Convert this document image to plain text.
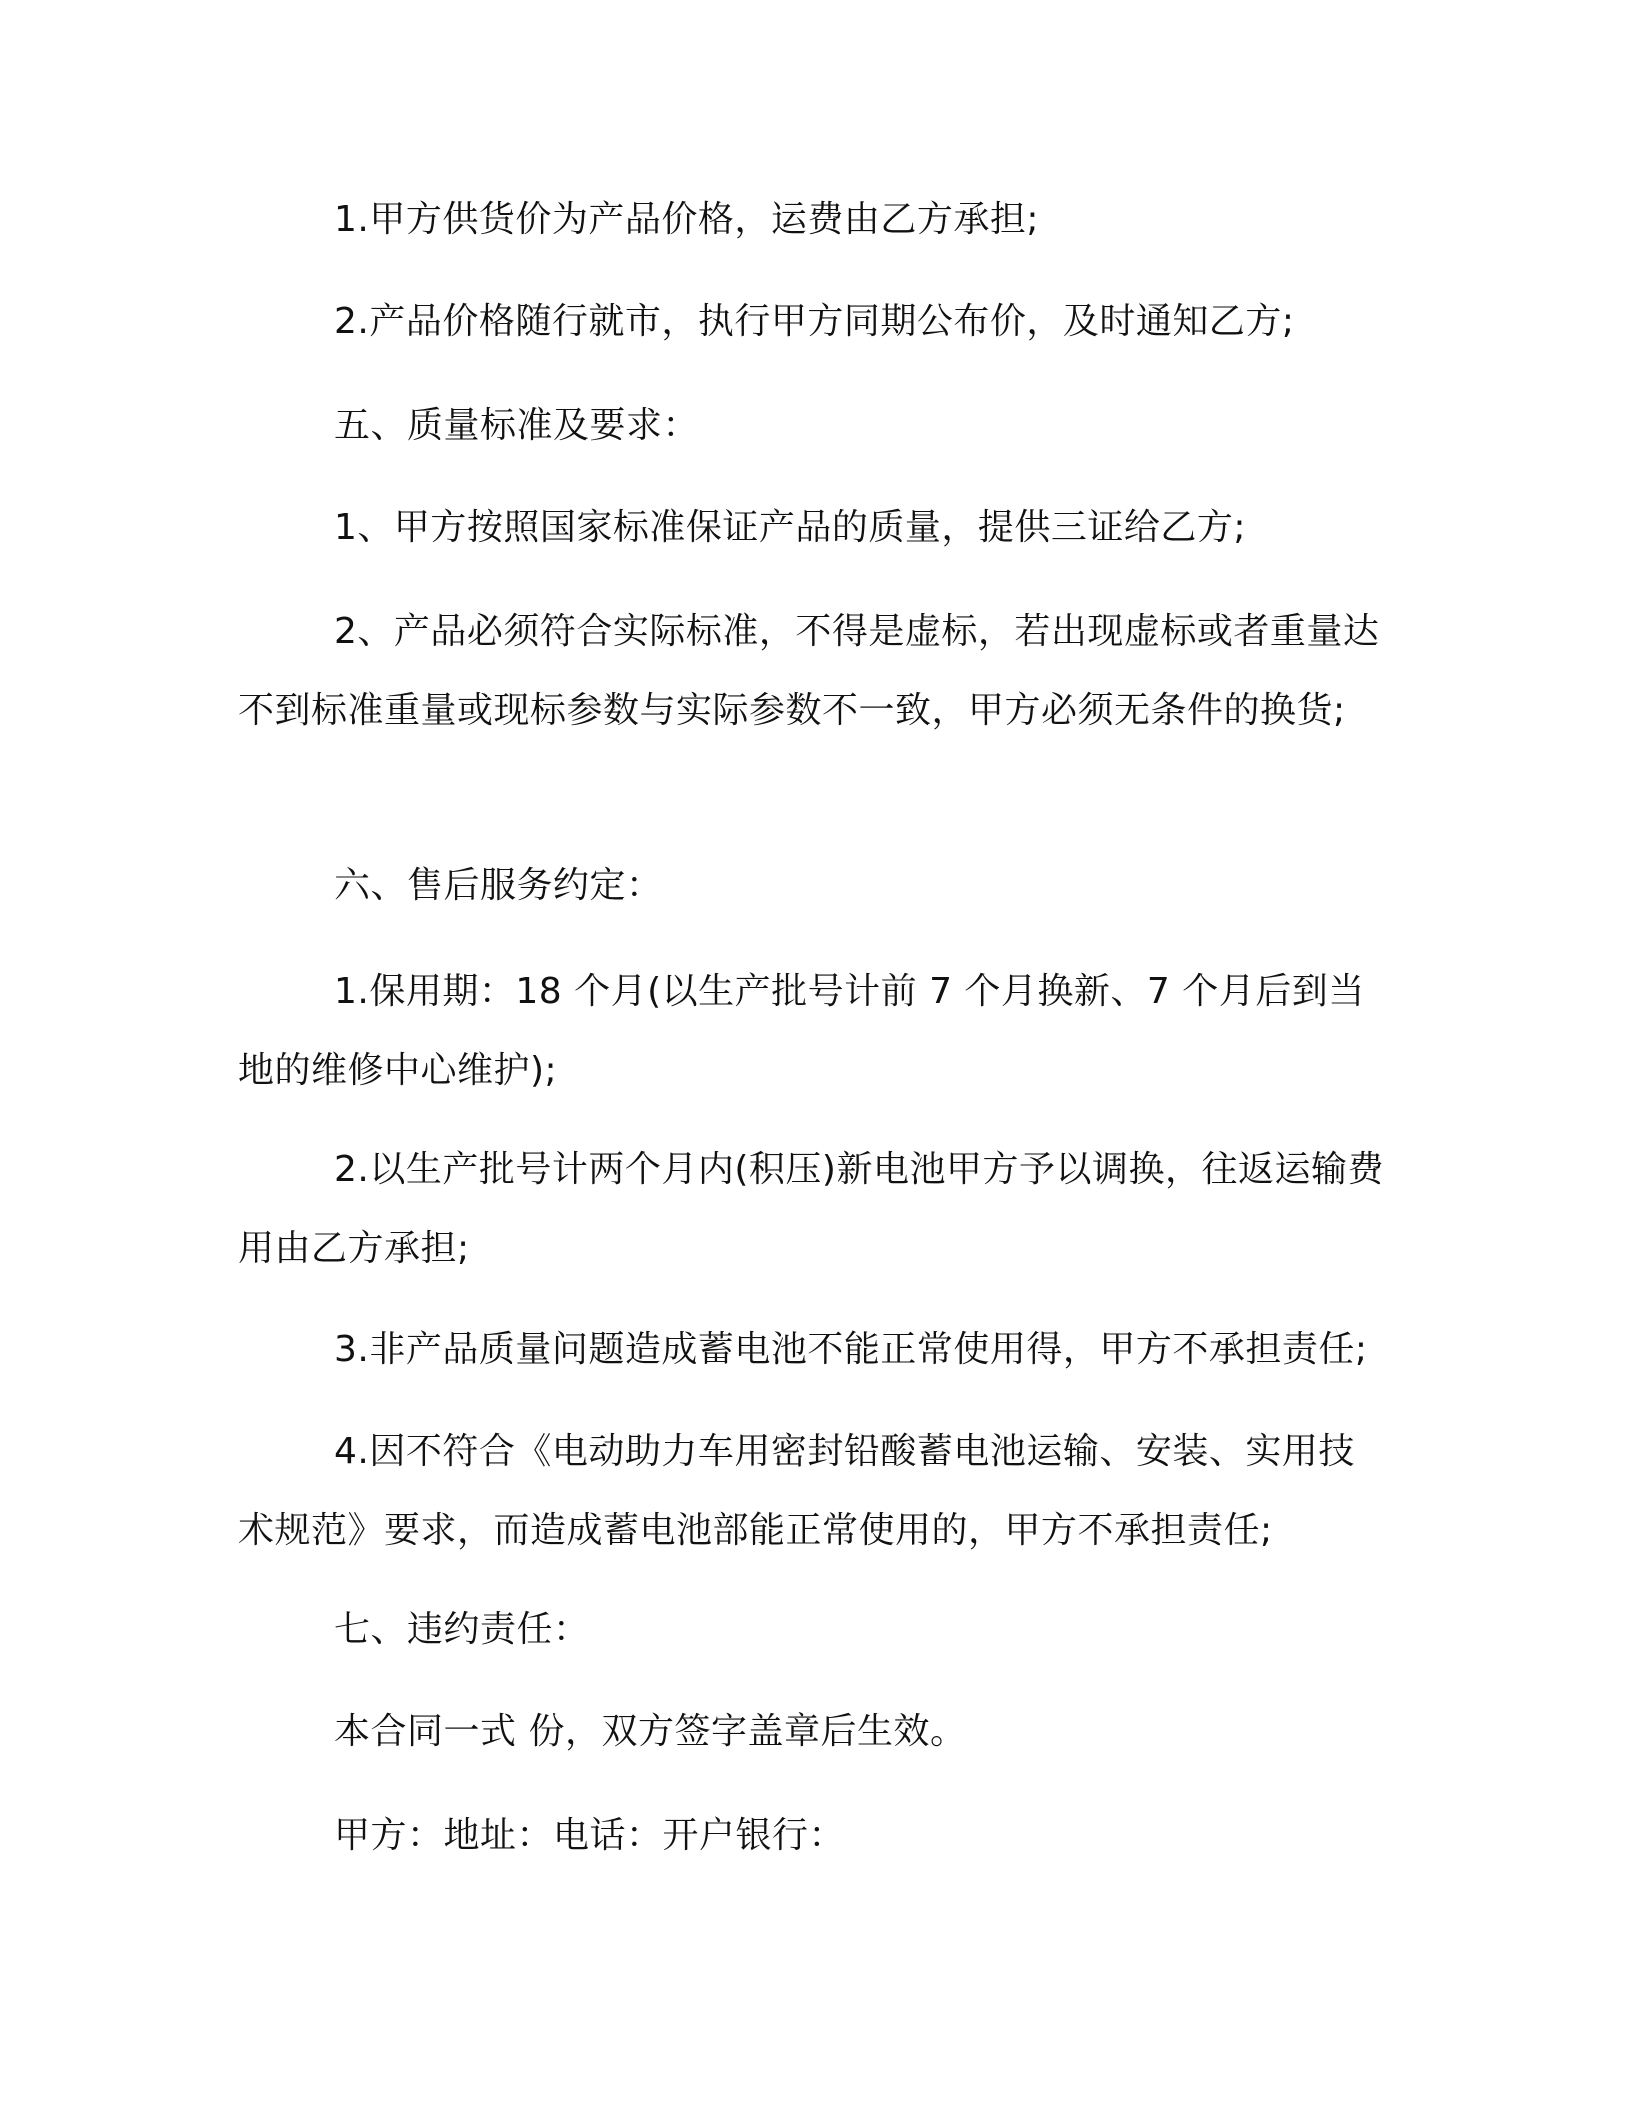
1.甲方供货价为产品价格，运费由乙方承担;

2.产品价格随行就市，执行甲方同期公布价，及时通知乙方;

五、质量标准及要求：

1、甲方按照国家标准保证产品的质量，提供三证给乙方;

2、产品必须符合实际标准，不得是虚标，若出现虚标或者重量达不到标准重量或现标参数与实际参数不一致，甲方必须无条件的换货;

六、售后服务约定：

1.保用期：18 个月(以生产批号计前 7 个月换新、7 个月后到当地的维修中心维护);

2.以生产批号计两个月内(积压)新电池甲方予以调换，往返运输费用由乙方承担;

3.非产品质量问题造成蓄电池不能正常使用得，甲方不承担责任;

4.因不符合《电动助力车用密封铅酸蓄电池运输、安装、实用技术规范》要求，而造成蓄电池部能正常使用的，甲方不承担责任;

七、违约责任：

本合同一式 份，双方签字盖章后生效。

甲方：地址：电话：开户银行：
